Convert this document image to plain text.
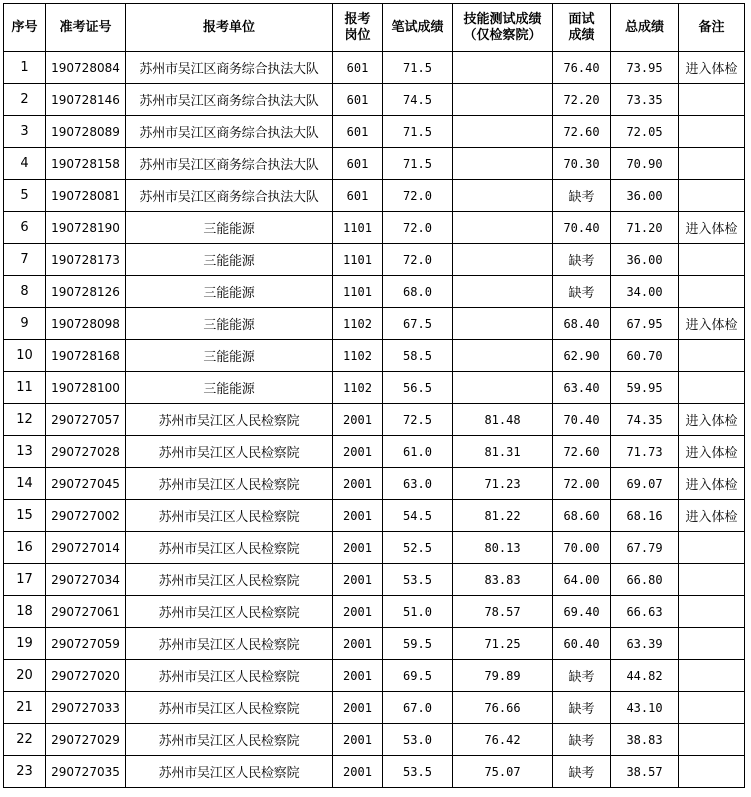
序号	准考证号	报考单位	报考岗位	笔试成绩	技能测试成绩（仅检察院）	面试成绩	总成绩	备注
1	190728084	苏州市吴江区商务综合执法大队	601	71.5		76.40	73.95	进入体检
2	190728146	苏州市吴江区商务综合执法大队	601	74.5		72.20	73.35	
3	190728089	苏州市吴江区商务综合执法大队	601	71.5		72.60	72.05	
4	190728158	苏州市吴江区商务综合执法大队	601	71.5		70.30	70.90	
5	190728081	苏州市吴江区商务综合执法大队	601	72.0		缺考	36.00	
6	190728190	三能能源	1101	72.0		70.40	71.20	进入体检
7	190728173	三能能源	1101	72.0		缺考	36.00	
8	190728126	三能能源	1101	68.0		缺考	34.00	
9	190728098	三能能源	1102	67.5		68.40	67.95	进入体检
10	190728168	三能能源	1102	58.5		62.90	60.70	
11	190728100	三能能源	1102	56.5		63.40	59.95	
12	290727057	苏州市吴江区人民检察院	2001	72.5	81.48	70.40	74.35	进入体检
13	290727028	苏州市吴江区人民检察院	2001	61.0	81.31	72.60	71.73	进入体检
14	290727045	苏州市吴江区人民检察院	2001	63.0	71.23	72.00	69.07	进入体检
15	290727002	苏州市吴江区人民检察院	2001	54.5	81.22	68.60	68.16	进入体检
16	290727014	苏州市吴江区人民检察院	2001	52.5	80.13	70.00	67.79	
17	290727034	苏州市吴江区人民检察院	2001	53.5	83.83	64.00	66.80	
18	290727061	苏州市吴江区人民检察院	2001	51.0	78.57	69.40	66.63	
19	290727059	苏州市吴江区人民检察院	2001	59.5	71.25	60.40	63.39	
20	290727020	苏州市吴江区人民检察院	2001	69.5	79.89	缺考	44.82	
21	290727033	苏州市吴江区人民检察院	2001	67.0	76.66	缺考	43.10	
22	290727029	苏州市吴江区人民检察院	2001	53.0	76.42	缺考	38.83	
23	290727035	苏州市吴江区人民检察院	2001	53.5	75.07	缺考	38.57	
